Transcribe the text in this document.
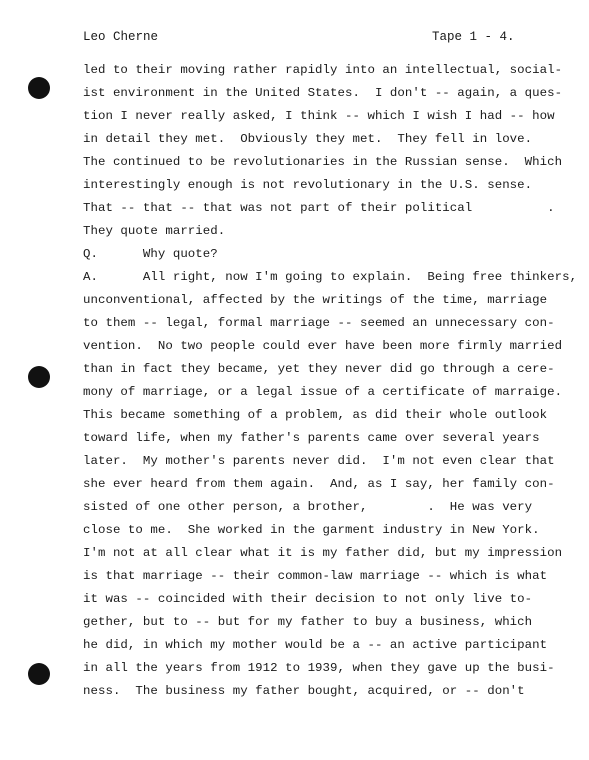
Leo Cherne	Tape 1 - 4.
led to their moving rather rapidly into an intellectual, social-
ist environment in the United States.  I don't -- again, a ques-
tion I never really asked, I think -- which I wish I had -- how
in detail they met.  Obviously they met.  They fell in love.
The continued to be revolutionaries in the Russian sense.  Which
interestingly enough is not revolutionary in the U.S. sense.
That -- that -- that was not part of their political          .
They quote married.
Q.      Why quote?
A.      All right, now I'm going to explain.  Being free thinkers,
unconventional, affected by the writings of the time, marriage
to them -- legal, formal marriage -- seemed an unnecessary con-
vention.  No two people could ever have been more firmly married
than in fact they became, yet they never did go through a cere-
mony of marriage, or a legal issue of a certificate of marraige.
This became something of a problem, as did their whole outlook
toward life, when my father's parents came over several years
later.  My mother's parents never did.  I'm not even clear that
she ever heard from them again.  And, as I say, her family con-
sisted of one other person, a brother,        .  He was very
close to me.  She worked in the garment industry in New York.
I'm not at all clear what it is my father did, but my impression
is that marriage -- their common-law marriage -- which is what
it was -- coincided with their decision to not only live to-
gether, but to -- but for my father to buy a business, which
he did, in which my mother would be a -- an active participant
in all the years from 1912 to 1939, when they gave up the busi-
ness.  The business my father bought, acquired, or -- don't
